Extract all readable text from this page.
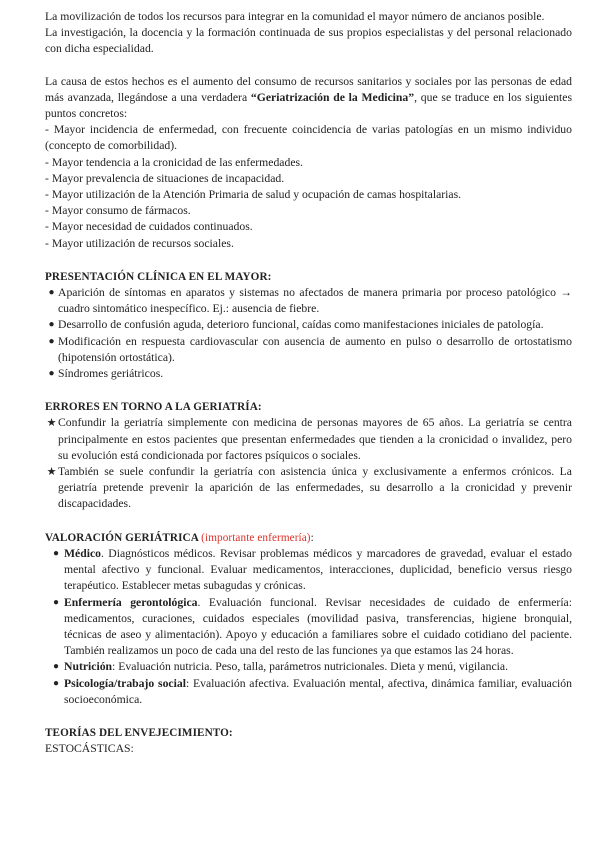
La movilización de todos los recursos para integrar en la comunidad el mayor número de ancianos posible.

La investigación, la docencia y la formación continuada de sus propios especialistas y del personal relacionado con dicha especialidad.

La causa de estos hechos es el aumento del consumo de recursos sanitarios y sociales por las personas de edad más avanzada, llegándose a una verdadera “Geriatrización de la Medicina”, que se traduce en los siguientes puntos concretos:

- Mayor incidencia de enfermedad, con frecuente coincidencia de varias patologías en un mismo individuo (concepto de comorbilidad).

- Mayor tendencia a la cronicidad de las enfermedades.

- Mayor prevalencia de situaciones de incapacidad.

- Mayor utilización de la Atención Primaria de salud y ocupación de camas hospitalarias.

- Mayor consumo de fármacos.

- Mayor necesidad de cuidados continuados.

- Mayor utilización de recursos sociales.

PRESENTACIÓN CLÍNICA EN EL MAYOR:

● Aparición de síntomas en aparatos y sistemas no afectados de manera primaria por proceso patológico → cuadro sintomático inespecífico. Ej.: ausencia de fiebre.
● Desarrollo de confusión aguda, deterioro funcional, caídas como manifestaciones iniciales de patología.
● Modificación en respuesta cardiovascular con ausencia de aumento en pulso o desarrollo de ortostatismo (hipotensión ortostática).
● Síndromes geriátricos.

ERRORES EN TORNO A LA GERIATRÍA:

★ Confundir la geriatría simplemente con medicina de personas mayores de 65 años. La geriatría se centra principalmente en estos pacientes que presentan enfermedades que tienden a la cronicidad o invalidez, pero su evolución está condicionada por factores psíquicos o sociales.
★ También se suele confundir la geriatría con asistencia única y exclusivamente a enfermos crónicos. La geriatría pretende prevenir la aparición de las enfermedades, su desarrollo a la cronicidad y prevenir discapacidades.

VALORACIÓN GERIÁTRICA (importante enfermería):

● Médico. Diagnósticos médicos. Revisar problemas médicos y marcadores de gravedad, evaluar el estado mental afectivo y funcional. Evaluar medicamentos, interacciones, duplicidad, beneficio versus riesgo terapéutico. Establecer metas subagudas y crónicas.
● Enfermería gerontológica. Evaluación funcional. Revisar necesidades de cuidado de enfermería: medicamentos, curaciones, cuidados especiales (movilidad pasiva, transferencias, higiene bronquial, técnicas de aseo y alimentación). Apoyo y educación a familiares sobre el cuidado cotidiano del paciente. También realizamos un poco de cada una del resto de las funciones ya que estamos las 24 horas.
● Nutrición: Evaluación nutricia. Peso, talla, parámetros nutricionales. Dieta y menú, vigilancia.
● Psicología/trabajo social: Evaluación afectiva. Evaluación mental, afectiva, dinámica familiar, evaluación socioeconómica.

TEORÍAS DEL ENVEJECIMIENTO:

ESTOCÁSTICAS:
